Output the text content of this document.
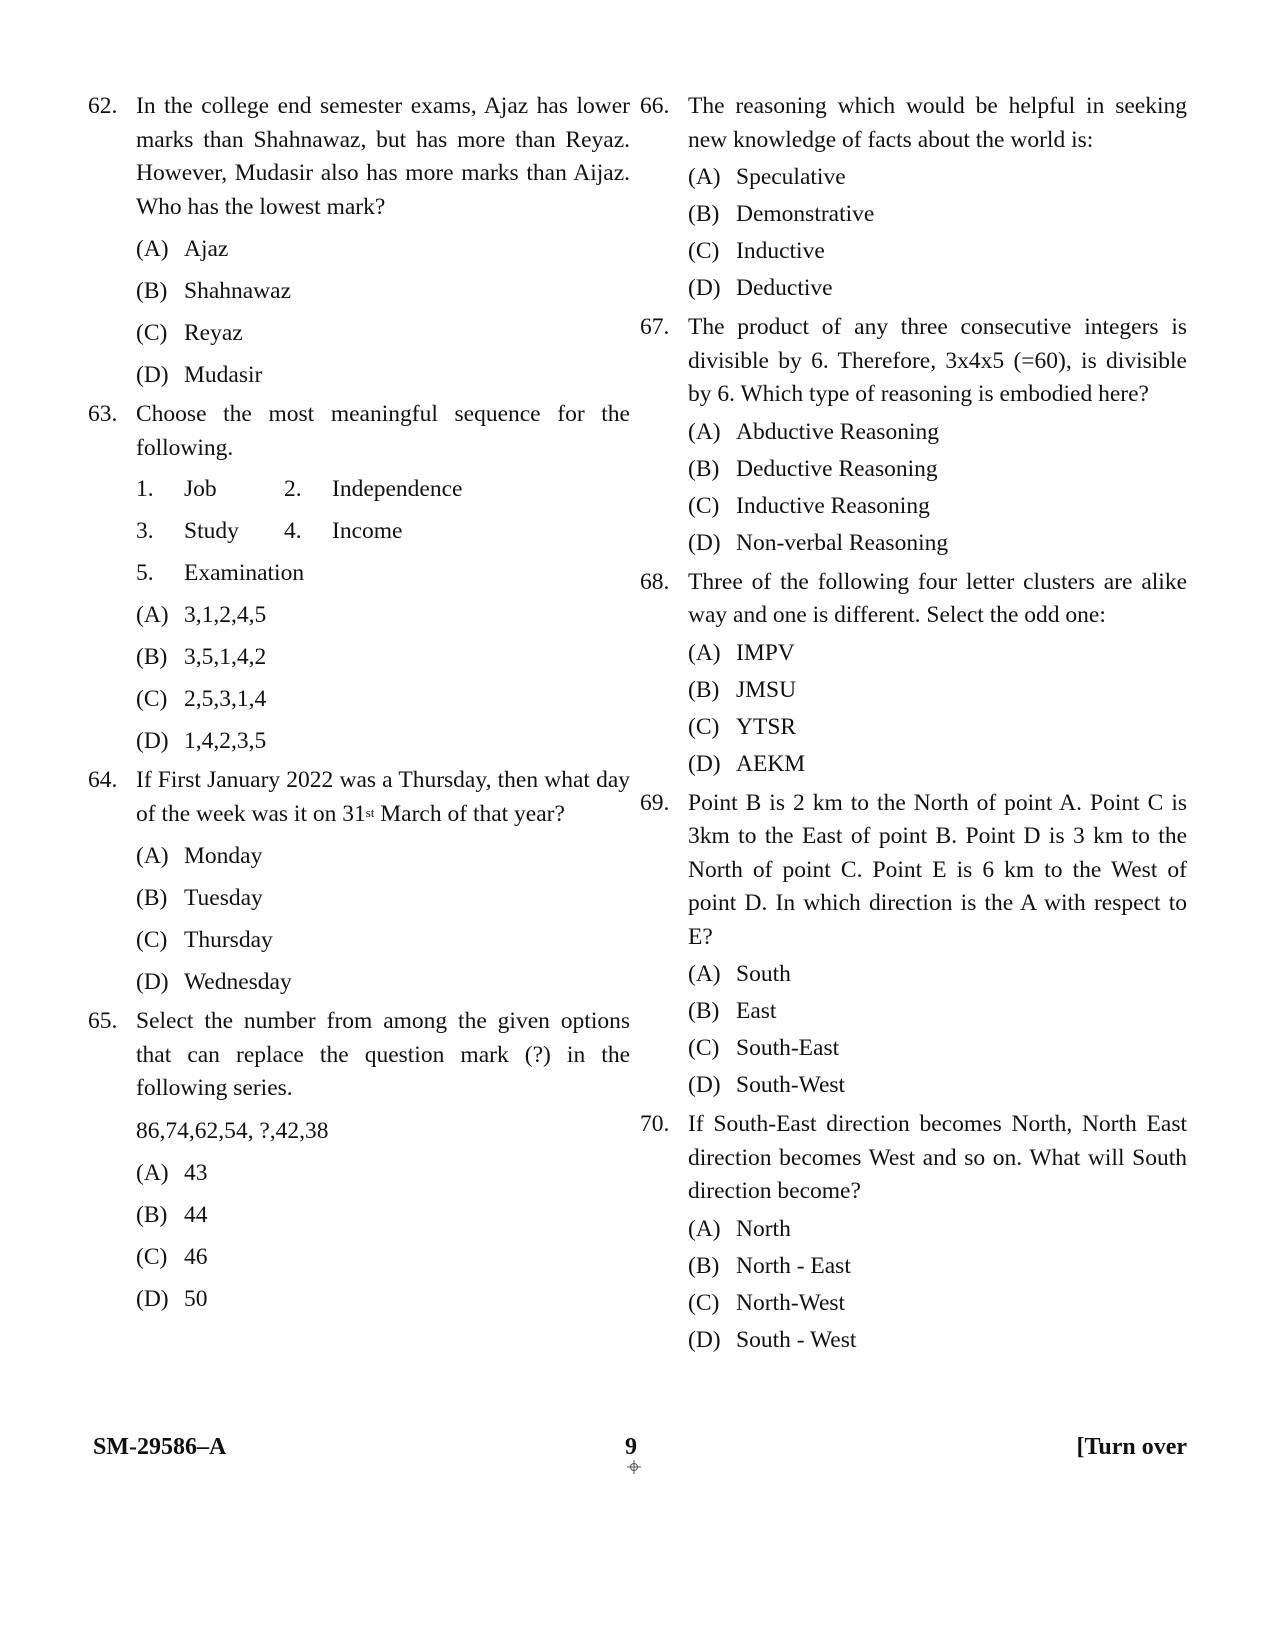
62. In the college end semester exams, Ajaz has lower marks than Shahnawaz, but has more than Reyaz. However, Mudasir also has more marks than Aijaz. Who has the lowest mark?

(A) Ajaz
(B) Shahnawaz
(C) Reyaz
(D) Mudasir
63. Choose the most meaningful sequence for the following.

1.	Job	2.	Independence
3.	Study	4.	Income
5.	Examination
(A) 3,1,2,4,5
(B) 3,5,1,4,2
(C) 2,5,3,1,4
(D) 1,4,2,3,5
64. If First January 2022 was a Thursday, then what day of the week was it on 31st March of that year?

(A) Monday
(B) Tuesday
(C) Thursday
(D) Wednesday
65. Select the number from among the given options that can replace the question mark (?) in the following series.

86,74,62,54, ?,42,38
(A) 43
(B) 44
(C) 46
(D) 50
66. The reasoning which would be helpful in seeking new knowledge of facts about the world is:

(A) Speculative
(B) Demonstrative
(C) Inductive
(D) Deductive
67. The product of any three consecutive integers is divisible by 6. Therefore, 3x4x5 (=60), is divisible by 6. Which type of reasoning is embodied here?

(A) Abductive Reasoning
(B) Deductive Reasoning
(C) Inductive Reasoning
(D) Non-verbal Reasoning
68. Three of the following four letter clusters are alike way and one is different. Select the odd one:

(A) IMPV
(B) JMSU
(C) YTSR
(D) AEKM
69. Point B is 2 km to the North of point A. Point C is 3km to the East of point B. Point D is 3 km to the North of point C. Point E is 6 km to the West of point D. In which direction is the A with respect to E?

(A) South
(B) East
(C) South-East
(D) South-West
70. If South-East direction becomes North, North East direction becomes West and so on. What will South direction become?

(A) North
(B) North - East
(C) North-West
(D) South - West
SM-29586–A	9	[Turn over
